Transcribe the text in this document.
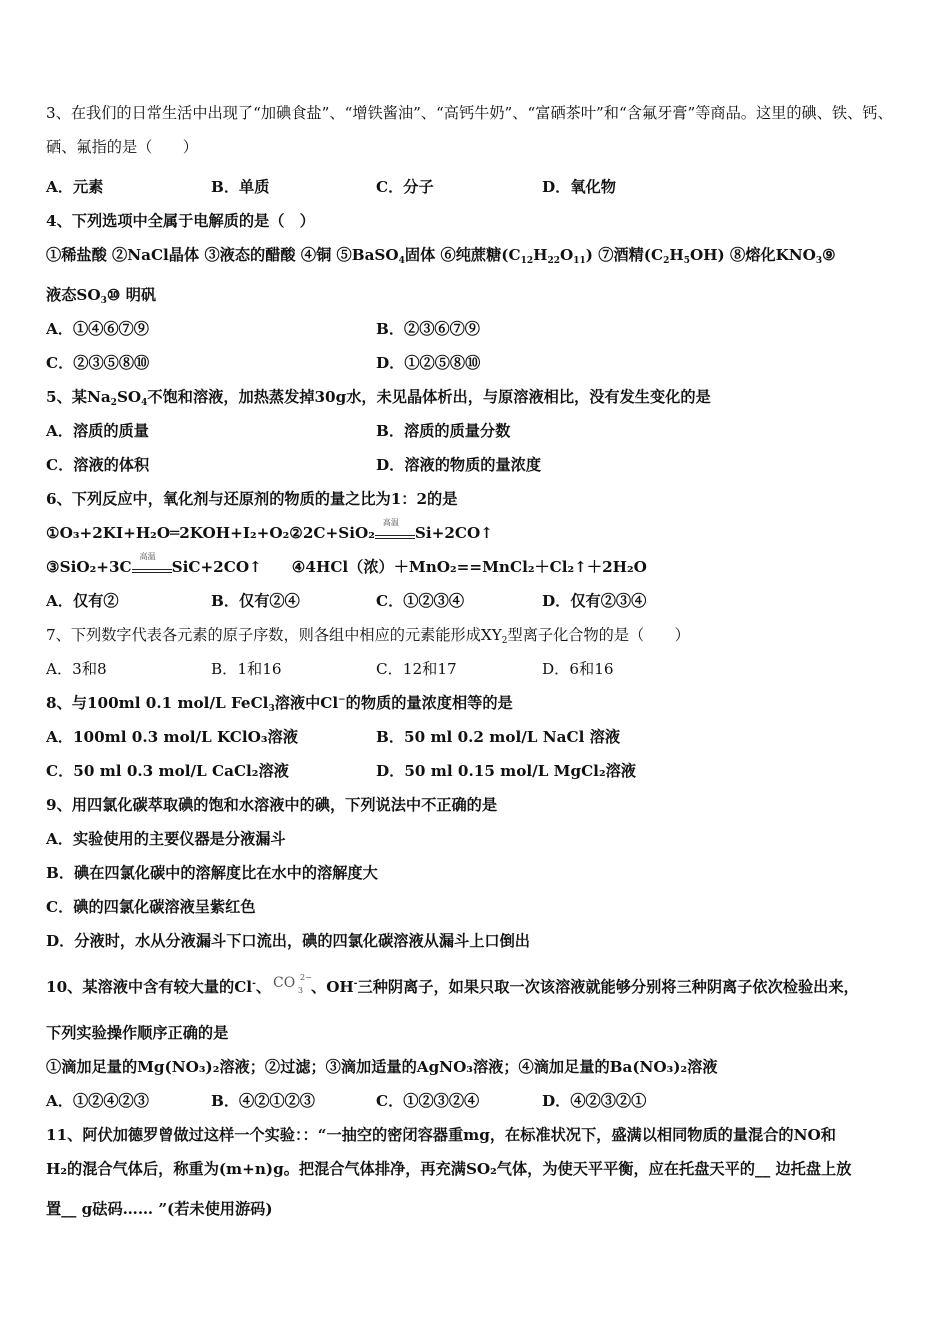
3、在我们的日常生活中出现了“加碘食盐”、“增铁酱油”、“高钙牛奶”、“富硒茶叶”和“含氟牙膏”等商品。这里的碘、铁、钙、
硒、氟指的是（　　）
A．元素	B．单质	C．分子	D．氧化物
4、下列选项中全属于电解质的是（　）
①稀盐酸 ②NaCl晶体 ③液态的醋酸 ④铜 ⑤BaSO$_4$固体 ⑥纯蔗糖$(C_{12}H_{22}O_{11})$ ⑦酒精$(C_2H_5OH)$ ⑧熔化$KNO_3⑨$
液态$SO_3⑩$ 明矾
A．①④⑥⑦⑨	B．②③⑥⑦⑨
C．②③⑤⑧⑩	D．①②⑤⑧⑩
5、某$Na_2SO_4$不饱和溶液，加热蒸发掉30g水，未见晶体析出，与原溶液相比，没有发生变化的是
A．溶质的质量	B．溶质的质量分数
C．溶液的体积	D．溶液的物质的量浓度
6、下列反应中，氧化剂与还原剂的物质的量之比为1：2的是
①O₃+2KI+H₂O═2KOH+I₂+O₂②2C+SiO₂
高温
Si+2CO↑
③SiO₂+3C
高温
SiC+2CO↑ ④4HCl（浓）＋MnO₂==MnCl₂＋Cl₂↑＋2H₂O
A．仅有②	B．仅有②④	C．①②③④	D．仅有②③④
7、下列数字代表各元素的原子序数，则各组中相应的元素能形成$XY_2$型离子化合物的是（　　）
A．3和8	B．1和16	C．12和17	D．6和16
8、与100ml 0.1 mol/L FeCl$_3$溶液中Cl−的物质的量浓度相等的是
A．100ml 0.3 mol/L KClO₃溶液	B．50 ml 0.2 mol/L NaCl 溶液
C．50 ml 0.3 mol/L CaCl₂溶液	D．50 ml 0.15 mol/L MgCl₂溶液
9、用四氯化碳萃取碘的饱和水溶液中的碘，下列说法中不正确的是
A．实验使用的主要仪器是分液漏斗
B．碘在四氯化碳中的溶解度比在水中的溶解度大
C．碘的四氯化碳溶液呈紫红色
D．分液时，水从分液漏斗下口流出，碘的四氯化碳溶液从漏斗上口倒出
10、某溶液中含有较大量的Cl-、 CO 2−
3 、OH-三种阴离子，如果只取一次该溶液就能够分别将三种阴离子依次检验出来，
下列实验操作顺序正确的是
①滴加足量的Mg(NO₃)₂溶液；②过滤；③滴加适量的AgNO₃溶液；④滴加足量的Ba(NO₃)₂溶液
A．①②④②③	B．④②①②③	C．①②③②④	D．④②③②①
11、阿伏加德罗曾做过这样一个实验：：“一抽空的密闭容器重mg，在标准状况下，盛满以相同物质的量混合的NO和
H₂的混合气体后，称重为(m+n)g。把混合气体排净，再充满SO₂气体，为使天平平衡，应在托盘天平的__ 边托盘上放
置__ g砝码…… ”(若未使用游码)
